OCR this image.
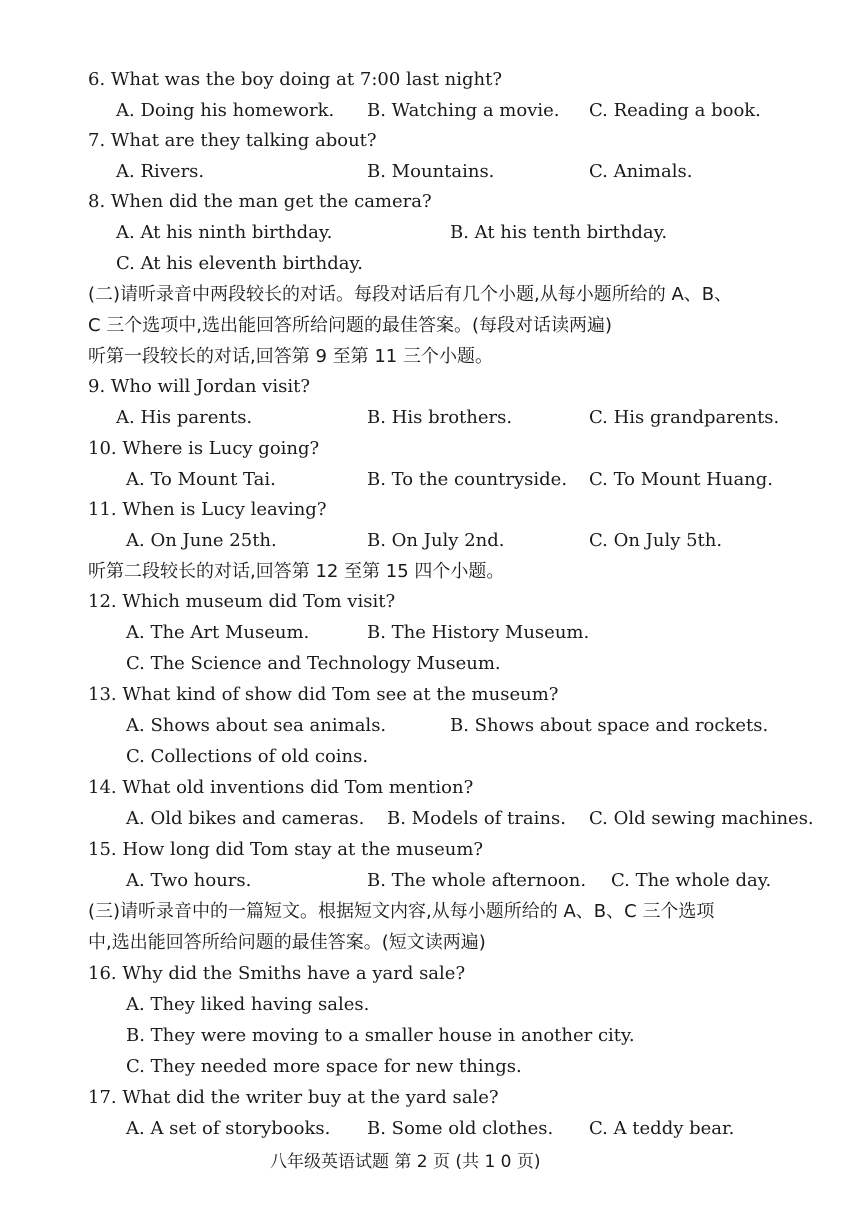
6. What was the boy doing at 7:00 last night?
A. Doing his homework. B. Watching a movie. C. Reading a book.
7. What are they talking about?
A. Rivers.	B. Mountains.	C. Animals.
8. When did the man get the camera?
A. At his ninth birthday.	B. At his tenth birthday.
C. At his eleventh birthday.
(二)请听录音中两段较长的对话。每段对话后有几个小题,从每小题所给的 A、B、
C 三个选项中,选出能回答所给问题的最佳答案。(每段对话读两遍)
听第一段较长的对话,回答第 9 至第 11 三个小题。
9. Who will Jordan visit?
A. His parents.	B. His brothers.	C. His grandparents.
10. Where is Lucy going?
A. To Mount Tai.	B. To the countryside. C. To Mount Huang.
11. When is Lucy leaving?
A. On June 25th.	B. On July 2nd.	C. On July 5th.
听第二段较长的对话,回答第 12 至第 15 四个小题。
12. Which museum did Tom visit?
A. The Art Museum.	B. The History Museum.
C. The Science and Technology Museum.
13. What kind of show did Tom see at the museum?
A. Shows about sea animals.	B. Shows about space and rockets.
C. Collections of old coins.
14. What old inventions did Tom mention?
A. Old bikes and cameras. B. Models of trains. C. Old sewing machines.
15. How long did Tom stay at the museum?
A. Two hours.	B. The whole afternoon. C. The whole day.
(三)请听录音中的一篇短文。根据短文内容,从每小题所给的 A、B、C 三个选项
中,选出能回答所给问题的最佳答案。(短文读两遍)
16. Why did the Smiths have a yard sale?
A. They liked having sales.
B. They were moving to a smaller house in another city.
C. They needed more space for new things.
17. What did the writer buy at the yard sale?
A. A set of storybooks. B. Some old clothes. C. A teddy bear.
八年级英语试题 第 2 页 (共 1 0 页)
